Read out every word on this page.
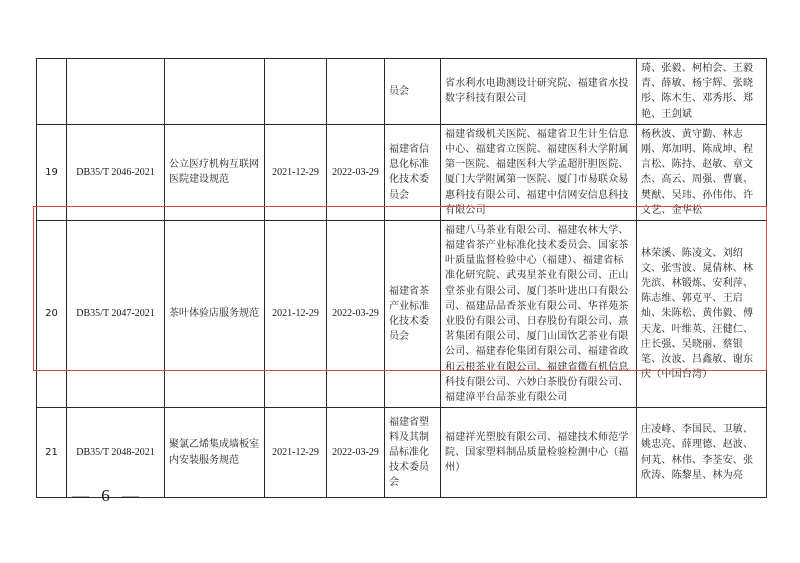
					员会	省水利水电勘测设计研究院、福建省水投数字科技有限公司	琦、张毅、柯柏会、王毅青、薛敏、杨宇辉、张晓彤、陈木生、邓秀彤、郑艳、王剑斌
19	DB35/T 2046-2021	公立医疗机构互联网医院建设规范	2021-12-29	2022-03-29	福建省信息化标准化技术委员会	福建省级机关医院、福建省卫生计生信息中心、福建省立医院、福建医科大学附属第一医院、福建医科大学孟超肝胆医院、厦门大学附属第一医院、厦门市易联众易惠科技有限公司、福建中信网安信息科技有限公司	杨秋波、黄守勤、林志刚、郑加明、陈成坤、程言松、陈持、赵敏、章文杰、高云、周强、曹襄、樊猷、吴玮、孙伟伟、许文艺、金华松
20	DB35/T 2047-2021	茶叶体验店服务规范	2021-12-29	2022-03-29	福建省茶产业标准化技术委员会	福建八马茶业有限公司、福建农林大学、福建省茶产业标准化技术委员会、国家茶叶质量监督检验中心（福建）、福建省标准化研究院、武夷星茶业有限公司、正山堂茶业有限公司、厦门茶叶进出口有限公司、福建品品香茶业有限公司、华祥苑茶业股份有限公司、日春股份有限公司、熹茗集团有限公司、厦门山国饮艺茶业有限公司、福建春伦集团有限公司、福建省政和云根茶业有限公司、福建省微有机信息科技有限公司、六妙白茶股份有限公司、福建漳平台品茶业有限公司	林荣溪、陈凌文、刘绍文、张雪波、晁倩林、林先滨、林锻炼、安利萍、陈志维、郭克平、王启灿、朱陈松、黄伟毅、傅天龙、叶维英、汪健仁、庄长强、吴晓丽、蔡银笔、汝波、吕鑫敏、谢东庆（中国台湾）
21	DB35/T 2048-2021	聚氯乙烯集成墙板室内安装服务规范	2021-12-29	2022-03-29	福建省塑料及其制品标准化技术委员会	福建祥光塑胶有限公司、福建技术师范学院、国家塑料制品质量检验检测中心（福州）	庄凌峰、李国民、卫敏、姚忠亮、薛理德、赵波、何芄、林伟、李荃安、张欣涛、陈黎星、林为亮
— 6 —
